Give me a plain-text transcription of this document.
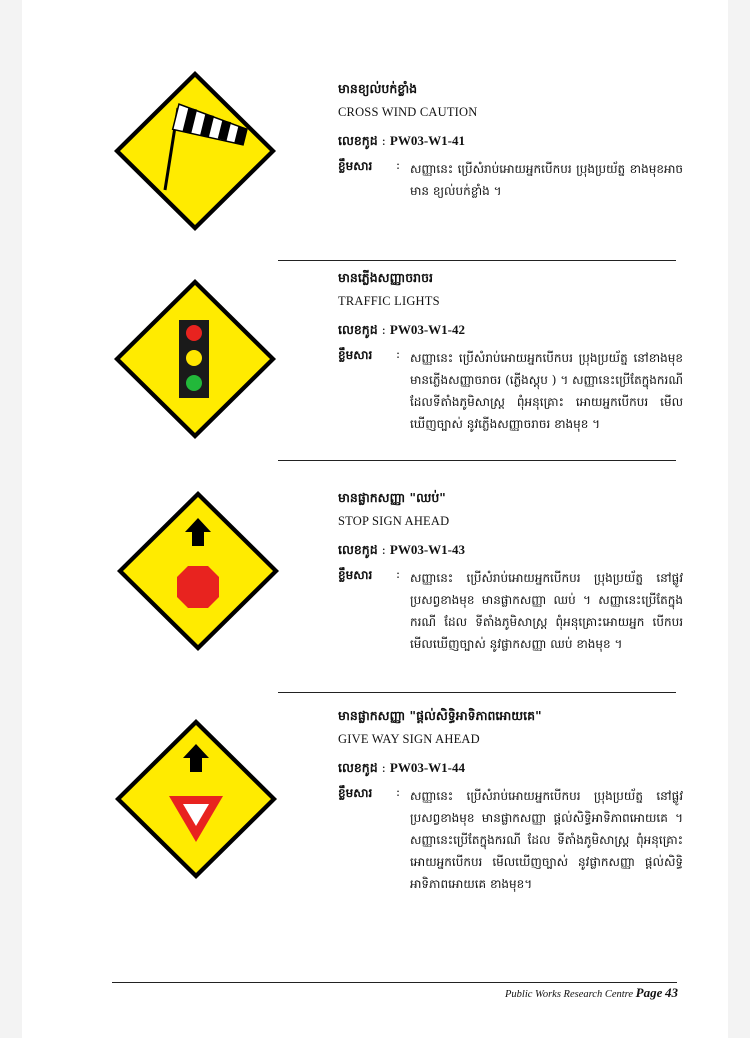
មានខ្យល់បក់ខ្លាំង
CROSS WIND CAUTION
លេខកូដ : PW03-W1-41
ខ្លឹមសារ	: សញ្ញានេះ ប្រើសំរាប់អោយអ្នកបើកបរ ប្រុងប្រយ័ត្ន ខាងមុខអាចមាន ខ្យល់បក់ខ្លាំង ។
មានភ្លើងសញ្ញាចរាចរ
TRAFFIC LIGHTS
លេខកូដ : PW03-W1-42
ខ្លឹមសារ	: សញ្ញានេះ ប្រើសំរាប់អោយអ្នកបើកបរ ប្រុងប្រយ័ត្ន នៅខាងមុខមានភ្លើងសញ្ញាចរាចរ (ភ្លើងស្តុប ) ។ សញ្ញានេះប្រើតែក្នុងករណីដែលទីតាំងភូមិសាស្ត្រ ពុំអនុគ្រោះ អោយអ្នកបើកបរ មើលឃើញច្បាស់ នូវភ្លើងសញ្ញាចរាចរ ខាងមុខ ។
មានផ្លាកសញ្ញា "ឈប់"
STOP SIGN AHEAD
លេខកូដ : PW03-W1-43
ខ្លឹមសារ	: សញ្ញានេះ ប្រើសំរាប់អោយអ្នកបើកបរ ប្រុងប្រយ័ត្ន នៅផ្លូវប្រសព្វខាងមុខ មានផ្លាកសញ្ញា ឈប់ ។ សញ្ញានេះប្រើតែក្នុងករណី ដែល ទីតាំងភូមិសាស្ត្រ ពុំអនុគ្រោះអោយអ្នក បើកបរ មើលឃើញច្បាស់ នូវផ្លាកសញ្ញា ឈប់ ខាងមុខ ។
មានផ្លាកសញ្ញា "ផ្តល់សិទ្ធិអាទិភាពអោយគេ"
GIVE WAY SIGN AHEAD
លេខកូដ : PW03-W1-44
ខ្លឹមសារ	: សញ្ញានេះ ប្រើសំរាប់អោយអ្នកបើកបរ ប្រុងប្រយ័ត្ន នៅផ្លូវប្រសព្វខាងមុខ មានផ្លាកសញ្ញា ផ្តល់សិទ្ធិអាទិភាពអោយគេ ។ សញ្ញានេះប្រើតែក្នុងករណី ដែល ទីតាំងភូមិសាស្ត្រ ពុំអនុគ្រោះអោយអ្នកបើកបរ មើលឃើញច្បាស់ នូវផ្លាកសញ្ញា ផ្តល់សិទ្ធិអាទិភាពអោយគេ ខាងមុខ។
Public Works Research Centre Page 43
